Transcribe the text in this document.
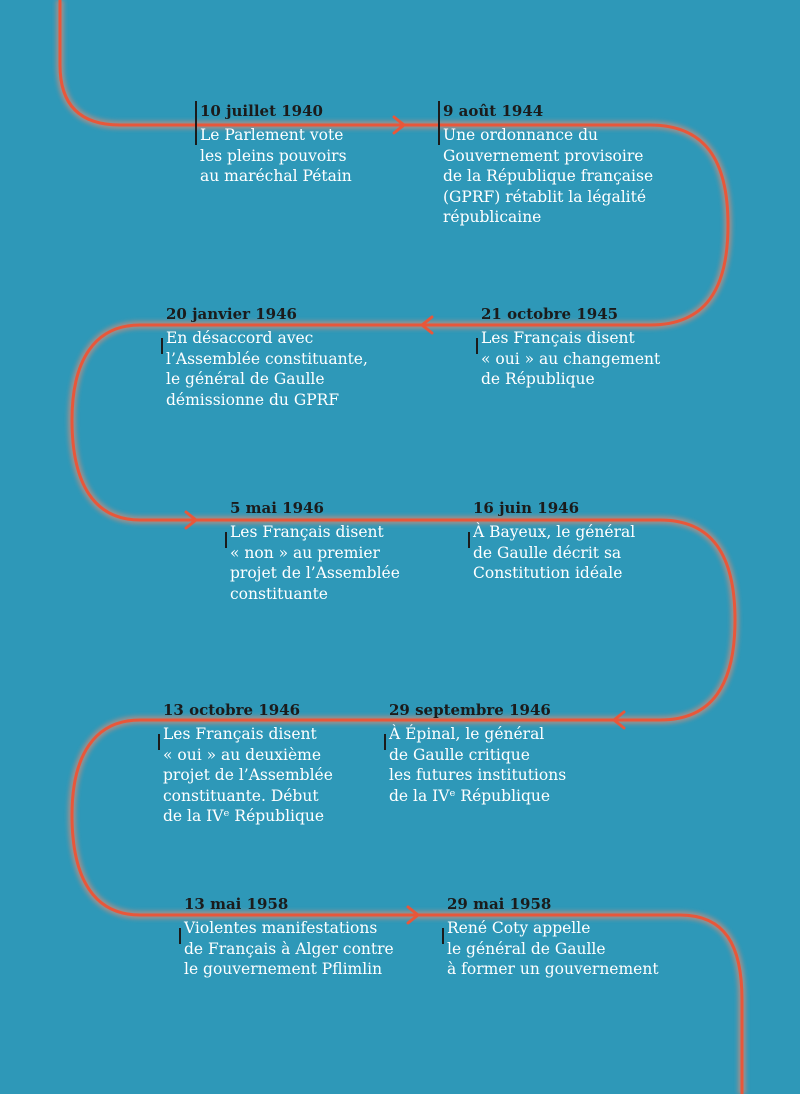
10 juillet 1940
Le Parlement vote
les pleins pouvoirs
au maréchal Pétain
9 août 1944
Une ordonnance du
Gouvernement provisoire
de la République française
(GPRF) rétablit la légalité
républicaine
20 janvier 1946
En désaccord avec
l’Assemblée constituante,
le général de Gaulle
démissionne du GPRF
21 octobre 1945
Les Français disent
« oui » au changement
de République
5 mai 1946
Les Français disent
« non » au premier
projet de l’Assemblée
constituante
16 juin 1946
À Bayeux, le général
de Gaulle décrit sa
Constitution idéale
13 octobre 1946
Les Français disent
« oui » au deuxième
projet de l’Assemblée
constituante. Début
de la IVᵉ République
29 septembre 1946
À Épinal, le général
de Gaulle critique
les futures institutions
de la IVᵉ République
13 mai 1958
Violentes manifestations
de Français à Alger contre
le gouvernement Pflimlin
29 mai 1958
René Coty appelle
le général de Gaulle
à former un gouvernement
